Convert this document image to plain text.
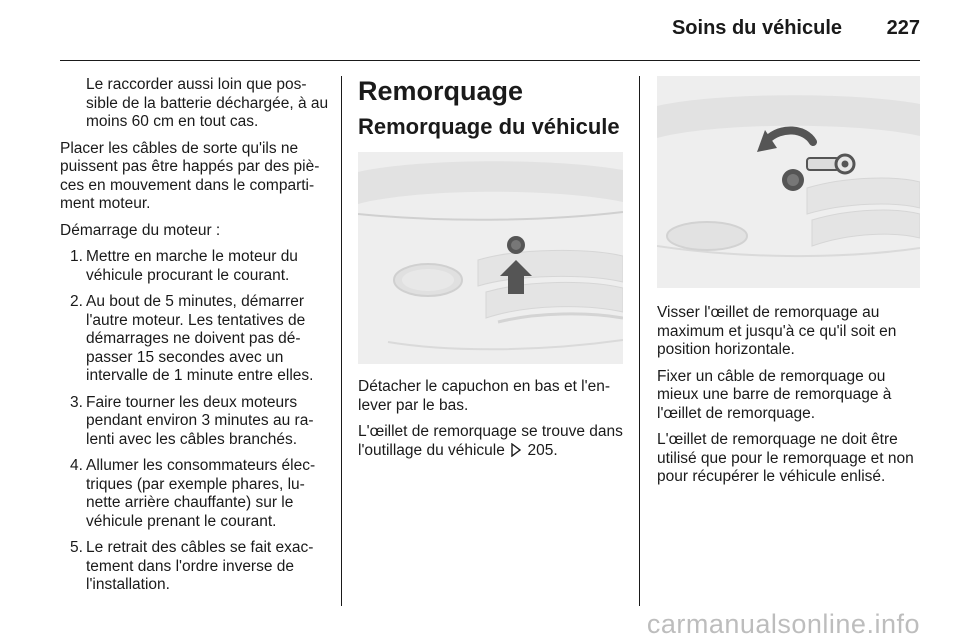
Soins du véhicule 227

Le raccorder aussi loin que pos-sible de la batterie déchargée, à au moins 60 cm en tout cas.

Placer les câbles de sorte qu'ils ne puissent pas être happés par des piè-ces en mouvement dans le comparti-ment moteur.

Démarrage du moteur :

1. Mettre en marche le moteur du véhicule procurant le courant.
2. Au bout de 5 minutes, démarrer l'autre moteur. Les tentatives de démarrages ne doivent pas dé-passer 15 secondes avec un intervalle de 1 minute entre elles.
3. Faire tourner les deux moteurs pendant environ 3 minutes au ra-lenti avec les câbles branchés.
4. Allumer les consommateurs élec-triques (par exemple phares, lu-nette arrière chauffante) sur le véhicule prenant le courant.
5. Le retrait des câbles se fait exac-tement dans l'ordre inverse de l'installation.
Remorquage
Remorquage du véhicule

Détacher le capuchon en bas et l'en-lever par le bas.

L'œillet de remorquage se trouve dans l'outillage du véhicule 205.

Visser l'œillet de remorquage au maximum et jusqu'à ce qu'il soit en position horizontale.

Fixer un câble de remorquage ou mieux une barre de remorquage à l'œillet de remorquage.

L'œillet de remorquage ne doit être utilisé que pour le remorquage et non pour récupérer le véhicule enlisé.

carmanualsonline.info
